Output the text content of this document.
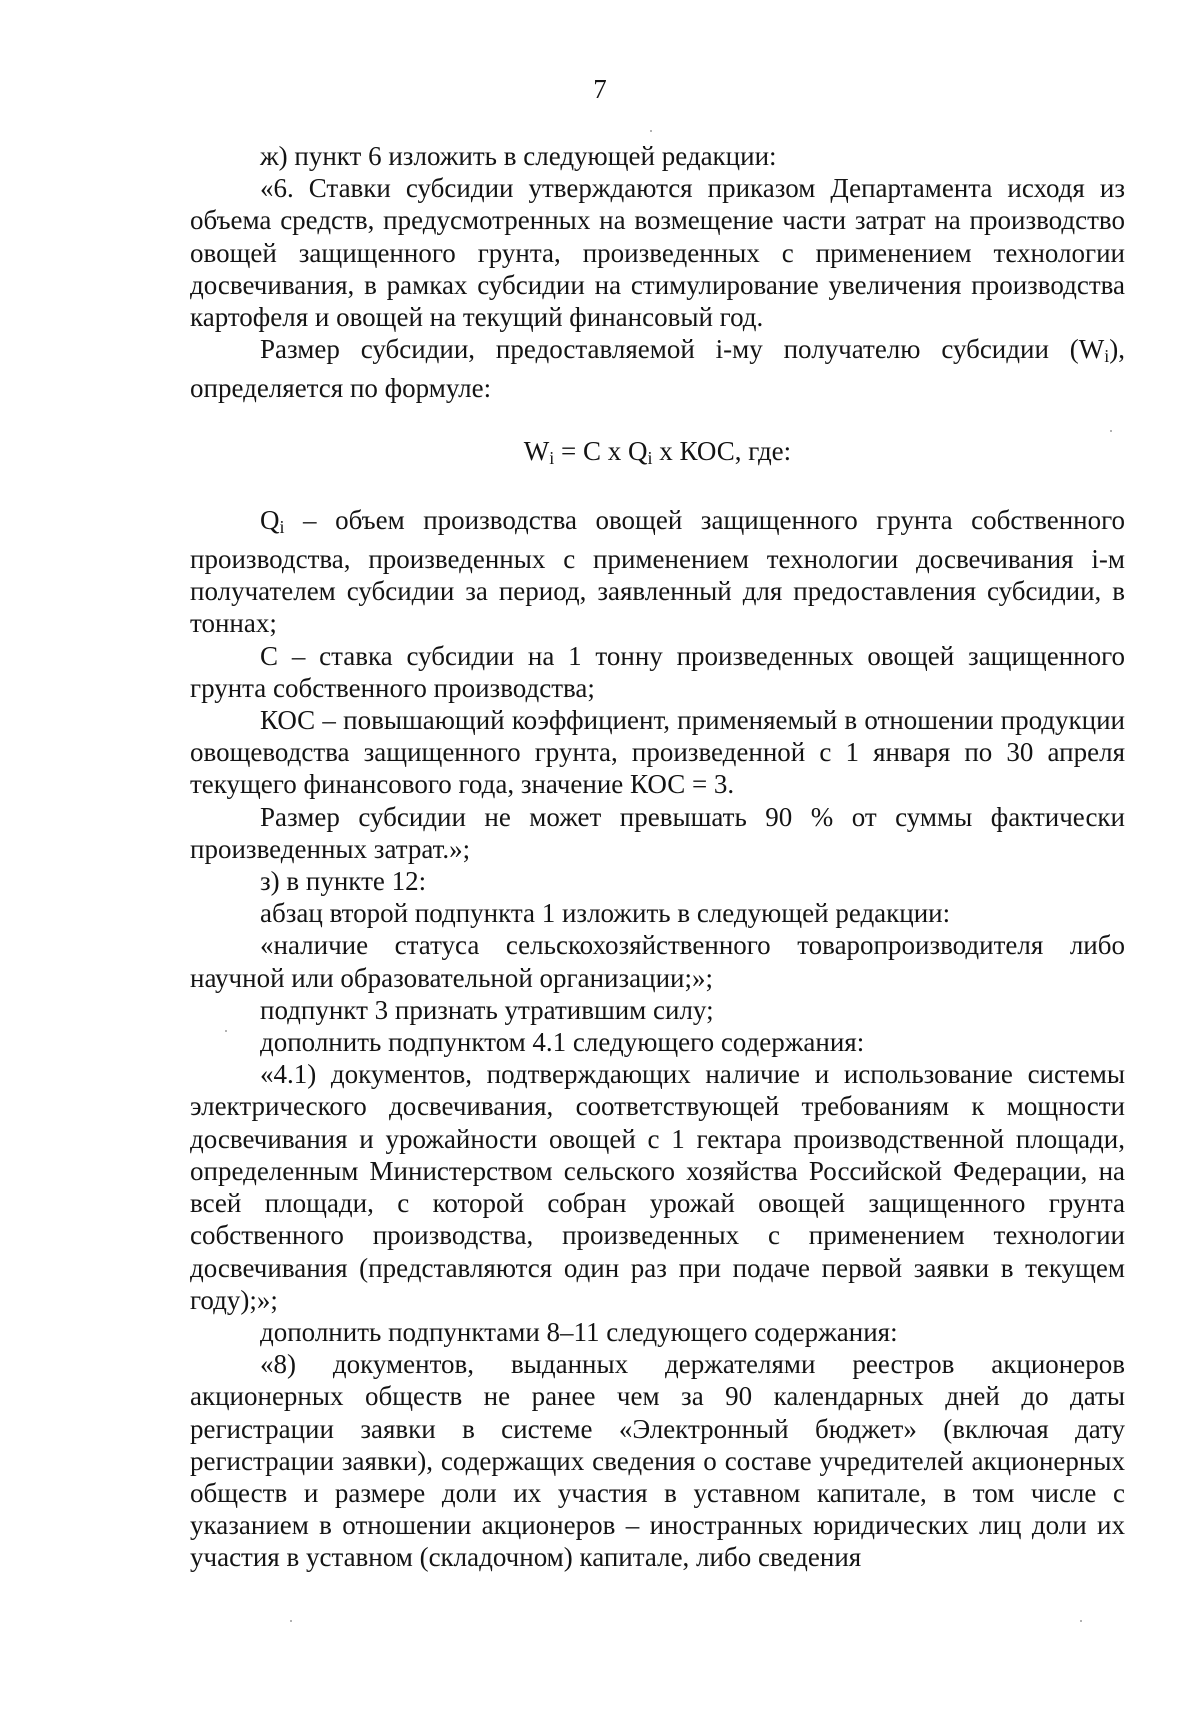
7

ж) пункт 6 изложить в следующей редакции:

«6. Ставки субсидии утверждаются приказом Департамента исходя из объема средств, предусмотренных на возмещение части затрат на производство овощей защищенного грунта, произведенных с применением технологии досвечивания, в рамках субсидии на стимулирование увеличения производства картофеля и овощей на текущий финансовый год.

Размер субсидии, предоставляемой i-му получателю субсидии $(W_i)$, определяется по формуле:

$W_i = С$ x $Q_i$ x КОС, где:

$Q_i$ – объем производства овощей защищенного грунта собственного производства, произведенных с применением технологии досвечивания i-м получателем субсидии за период, заявленный для предоставления субсидии, в тоннах;

С – ставка субсидии на 1 тонну произведенных овощей защищенного грунта собственного производства;

КОС – повышающий коэффициент, применяемый в отношении продукции овощеводства защищенного грунта, произведенной с 1 января по 30 апреля текущего финансового года, значение КОС = 3.

Размер субсидии не может превышать 90 % от суммы фактически произведенных затрат.»;

з) в пункте 12:

абзац второй подпункта 1 изложить в следующей редакции:

«наличие статуса сельскохозяйственного товаропроизводителя либо научной или образовательной организации;»;

подпункт 3 признать утратившим силу;

дополнить подпунктом 4.1 следующего содержания:

«4.1) документов, подтверждающих наличие и использование системы электрического досвечивания, соответствующей требованиям к мощности досвечивания и урожайности овощей с 1 гектара производственной площади, определенным Министерством сельского хозяйства Российской Федерации, на всей площади, с которой собран урожай овощей защищенного грунта собственного производства, произведенных с применением технологии досвечивания (представляются один раз при подаче первой заявки в текущем году);»;

дополнить подпунктами 8–11 следующего содержания:

«8) документов, выданных держателями реестров акционеров акционерных обществ не ранее чем за 90 календарных дней до даты регистрации заявки в системе «Электронный бюджет» (включая дату регистрации заявки), содержащих сведения о составе учредителей акционерных обществ и размере доли их участия в уставном капитале, в том числе с указанием в отношении акционеров – иностранных юридических лиц доли их участия в уставном (складочном) капитале, либо сведения
